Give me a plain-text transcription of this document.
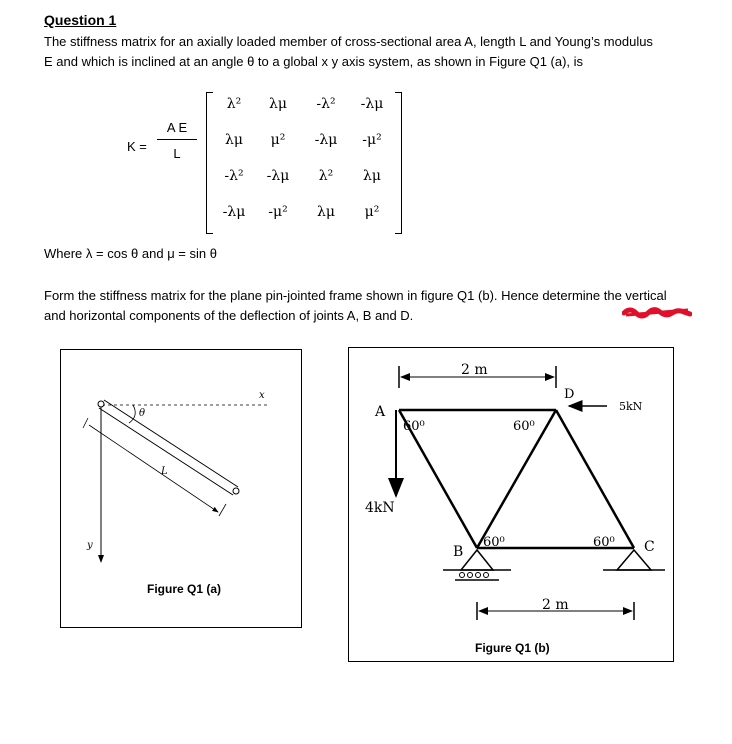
Question 1
The stiffness matrix for an axially loaded member of cross-sectional area A, length L and Young’s modulus
E and which is inclined at an angle θ to a global x y axis system, as shown in Figure Q1 (a), is
K =
A E
L
λ²	λμ	-λ²	-λμ
λμ	μ²	-λμ	-μ²
-λ²	-λμ	λ²	λμ
-λμ	-μ²	λμ	μ²
Where λ = cos θ and μ = sin θ
Form the stiffness matrix for the plane pin-jointed frame shown in figure Q1 (b). Hence determine the vertical
and horizontal components of the deflection of joints A, B and D.
x
y
θ
L
Figure Q1 (a)
2 m
A
B	C
D
60⁰	60⁰
60⁰	60⁰
5kN
4kN
2 m
Figure Q1 (b)
